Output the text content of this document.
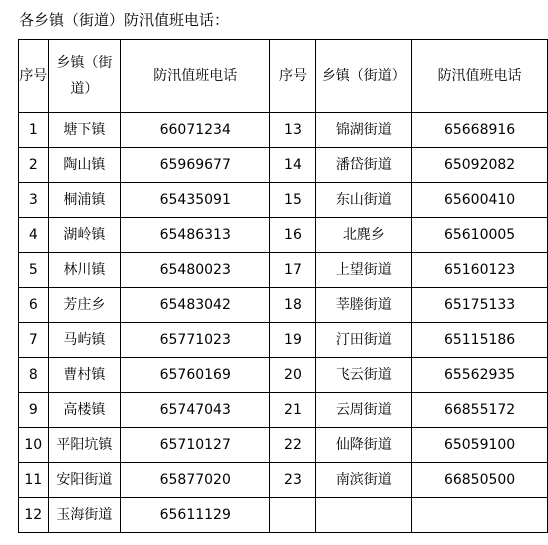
各乡镇（街道）防汛值班电话：
序号	乡镇（街道）	防汛值班电话	序号	乡镇（街道）	防汛值班电话
1	塘下镇	66071234	13	锦湖街道	65668916
2	陶山镇	65969677	14	潘岱街道	65092082
3	桐浦镇	65435091	15	东山街道	65600410
4	湖岭镇	65486313	16	北麂乡	65610005
5	林川镇	65480023	17	上望街道	65160123
6	芳庄乡	65483042	18	莘塍街道	65175133
7	马屿镇	65771023	19	汀田街道	65115186
8	曹村镇	65760169	20	飞云街道	65562935
9	高楼镇	65747043	21	云周街道	66855172
10	平阳坑镇	65710127	22	仙降街道	65059100
11	安阳街道	65877020	23	南滨街道	66850500
12	玉海街道	65611129			
